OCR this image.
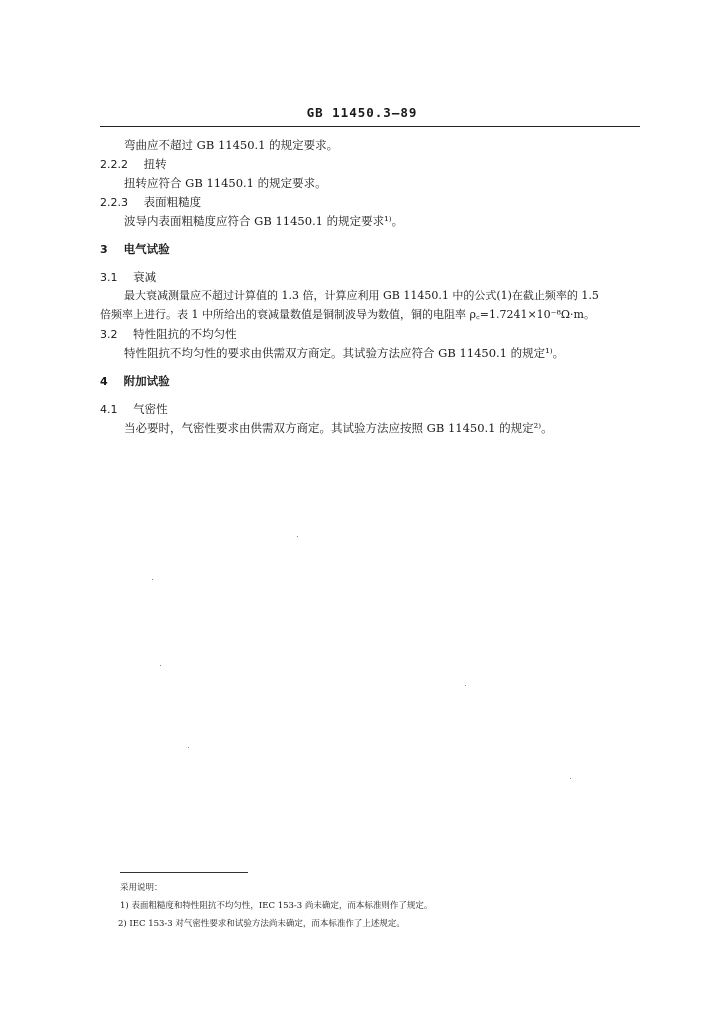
GB 11450.3—89
弯曲应不超过 GB 11450.1 的规定要求。
2.2.2 扭转
扭转应符合 GB 11450.1 的规定要求。
2.2.3 表面粗糙度
波导内表面粗糙度应符合 GB 11450.1 的规定要求¹⁾。
3 电气试验
3.1 衰减
最大衰减测量应不超过计算值的 1.3 倍，计算应利用 GB 11450.1 中的公式(1)在截止频率的 1.5
倍频率上进行。表 1 中所给出的衰减量数值是铜制波导为数值，铜的电阻率 ρ꜀=1.7241×10⁻⁸Ω·m。
3.2 特性阻抗的不均匀性
特性阻抗不均匀性的要求由供需双方商定。其试验方法应符合 GB 11450.1 的规定¹⁾。
4 附加试验
4.1 气密性
当必要时，气密性要求由供需双方商定。其试验方法应按照 GB 11450.1 的规定²⁾。
采用说明：
1) 表面粗糙度和特性阻抗不均匀性，IEC 153-3 尚未确定，而本标准则作了规定。
2) IEC 153-3 对气密性要求和试验方法尚未确定，而本标准作了上述规定。
